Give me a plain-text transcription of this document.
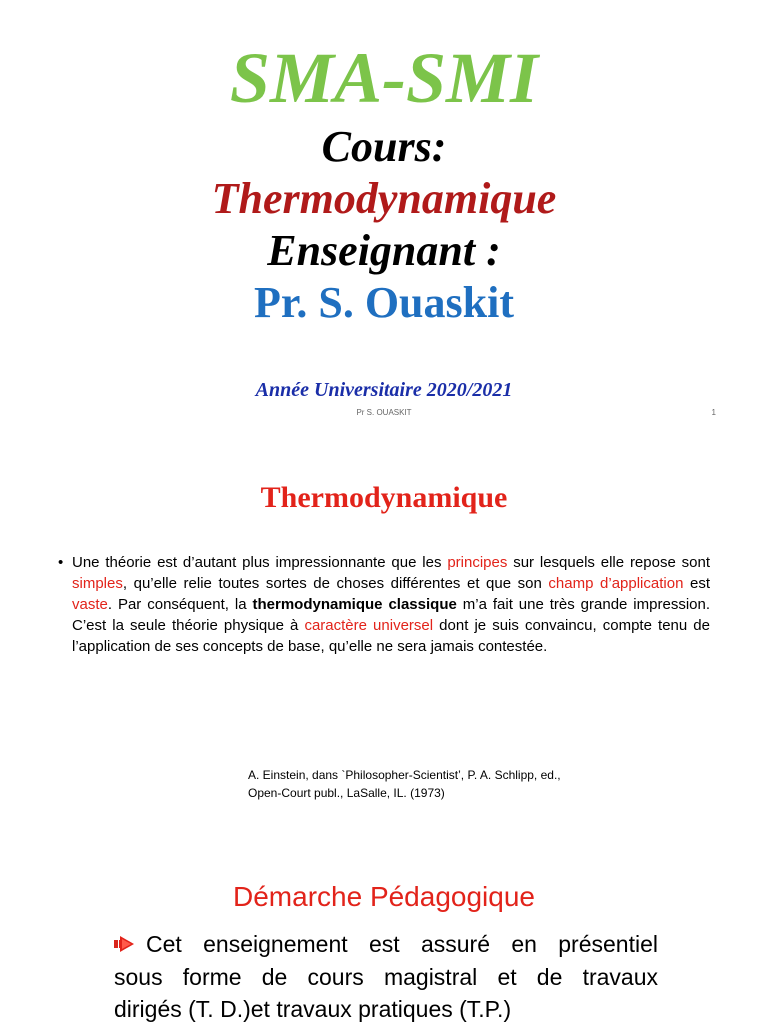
SMA-SMI
Cours:
Thermodynamique
Enseignant :
Pr. S. Ouaskit
Année Universitaire 2020/2021
Pr S. OUASKIT	1
Thermodynamique
• Une théorie est d’autant plus impressionnante que les principes sur lesquels elle repose sont simples, qu’elle relie toutes sortes de choses différentes et que son champ d’application est vaste. Par conséquent, la thermodynamique classique m’a fait une très grande impression. C’est la seule théorie physique à caractère universel dont je suis convaincu, compte tenu de l’application de ses concepts de base, qu’elle ne sera jamais contestée.
A. Einstein, dans `Philosopher-Scientist’, P. A. Schlipp, ed.,
Open-Court publ., LaSalle, IL. (1973)
Démarche Pédagogique
Cet enseignement est assuré en présentiel
sous forme de cours magistral et de travaux
dirigés (T. D.)et travaux pratiques (T.P.)
